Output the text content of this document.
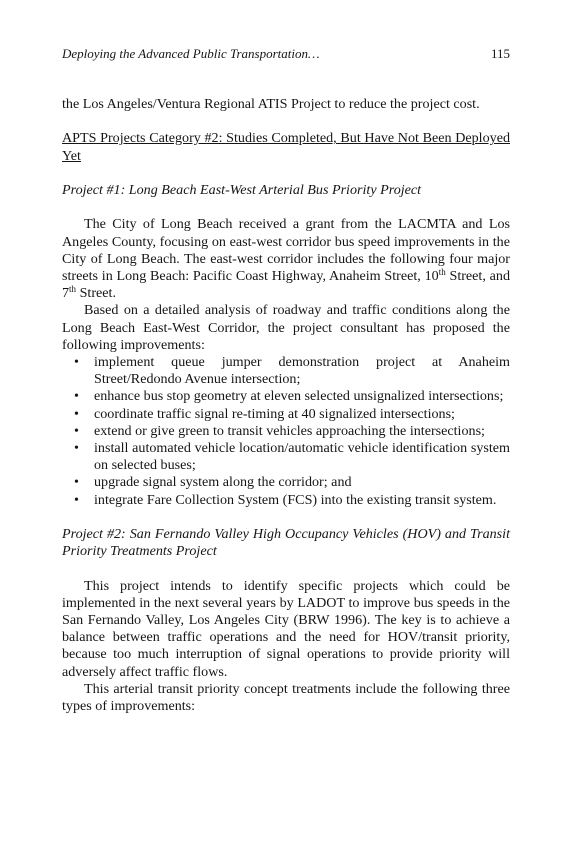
Deploying the Advanced Public Transportation…	115

the Los Angeles/Ventura Regional ATIS Project to reduce the project cost.

APTS Projects Category #2: Studies Completed, But Have Not Been Deployed Yet

Project #1: Long Beach East-West Arterial Bus Priority Project

The City of Long Beach received a grant from the LACMTA and Los Angeles County, focusing on east-west corridor bus speed improvements in the City of Long Beach. The east-west corridor includes the following four major streets in Long Beach: Pacific Coast Highway, Anaheim Street, 10th Street, and 7th Street.

Based on a detailed analysis of roadway and traffic conditions along the Long Beach East-West Corridor, the project consultant has proposed the following improvements:

• implement queue jumper demonstration project at Anaheim Street/Redondo Avenue intersection;
• enhance bus stop geometry at eleven selected unsignalized intersections;
• coordinate traffic signal re-timing at 40 signalized intersections;
• extend or give green to transit vehicles approaching the intersections;
• install automated vehicle location/automatic vehicle identification system on selected buses;
• upgrade signal system along the corridor; and
• integrate Fare Collection System (FCS) into the existing transit system.

Project #2: San Fernando Valley High Occupancy Vehicles (HOV) and Transit Priority Treatments Project

This project intends to identify specific projects which could be implemented in the next several years by LADOT to improve bus speeds in the San Fernando Valley, Los Angeles City (BRW 1996). The key is to achieve a balance between traffic operations and the need for HOV/transit priority, because too much interruption of signal operations to provide priority will adversely affect traffic flows.

This arterial transit priority concept treatments include the following three types of improvements:
